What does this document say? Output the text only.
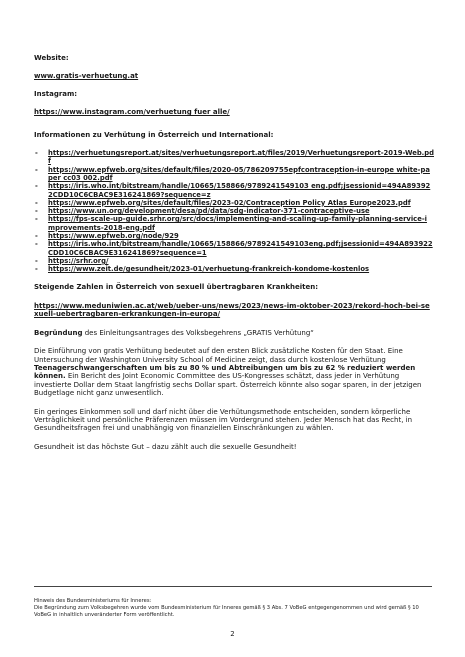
Website:

www.gratis-verhuetung.at

Instagram:

https://www.instagram.com/verhuetung fuer alle/

Informationen zu Verhütung in Österreich und International:

- https://verhuetungsreport.at/sites/verhuetungsreport.at/files/2019/Verhuetungsreport-2019-Web.pdf
- https://www.epfweb.org/sites/default/files/2020-05/786209755epfcontraception-in-europe white-paper cc03 002.pdf
- https://iris.who.int/bitstream/handle/10665/158866/9789241549103 eng.pdf;jsessionid=494A893922CDD10C6CBAC9E316241869?sequence=z
- https://www.epfweb.org/sites/default/files/2023-02/Contraception Policy Atlas Europe2023.pdf
- https://www.un.org/development/desa/pd/data/sdg-indicator-371-contraceptive-use
- https://fps-scale-up-guide.srhr.org/src/docs/implementing-and-scaling-up-family-planning-service-improvements-2018-eng.pdf
- https://www.epfweb.org/node/929
- https://iris.who.int/bitstream/handle/10665/158866/9789241549103eng.pdf;jsessionid=494A893922CDD10C6CBAC9E316241869?sequence=1
- https://srhr.org/
- https://www.zeit.de/gesundheit/2023-01/verhuetung-frankreich-kondome-kostenlos

Steigende Zahlen in Österreich von sexuell übertragbaren Krankheiten:

https://www.meduniwien.ac.at/web/ueber-uns/news/2023/news-im-oktober-2023/rekord-hoch-bei-sexuell-uebertragbaren-erkrankungen-in-europa/

Begründung des Einleitungsantrages des Volksbegehrens „GRATIS Verhütung“

Die Einführung von gratis Verhütung bedeutet auf den ersten Blick zusätzliche Kosten für den Staat. Eine Untersuchung der Washington University School of Medicine zeigt, dass durch kostenlose Verhütung Teenagerschwangerschaften um bis zu 80 % und Abtreibungen um bis zu 62 % reduziert werden können. Ein Bericht des Joint Economic Committee des US-Kongresses schätzt, dass jeder in Verhütung investierte Dollar dem Staat langfristig sechs Dollar spart. Österreich könnte also sogar sparen, in der jetzigen Budgetlage nicht ganz unwesentlich.

Ein geringes Einkommen soll und darf nicht über die Verhütungsmethode entscheiden, sondern körperliche Verträglichkeit und persönliche Präferenzen müssen im Vordergrund stehen. Jeder Mensch hat das Recht, in Gesundheitsfragen frei und unabhängig von finanziellen Einschränkungen zu wählen.

Gesundheit ist das höchste Gut – dazu zählt auch die sexuelle Gesundheit!

Hinweis des Bundesministeriums für Inneres:

Die Begründung zum Volksbegehren wurde vom Bundesministerium für Inneres gemäß § 3 Abs. 7 VoBeG entgegengenommen und wird gemäß § 10 VoBeG in inhaltlich unveränderter Form veröffentlicht.

2
